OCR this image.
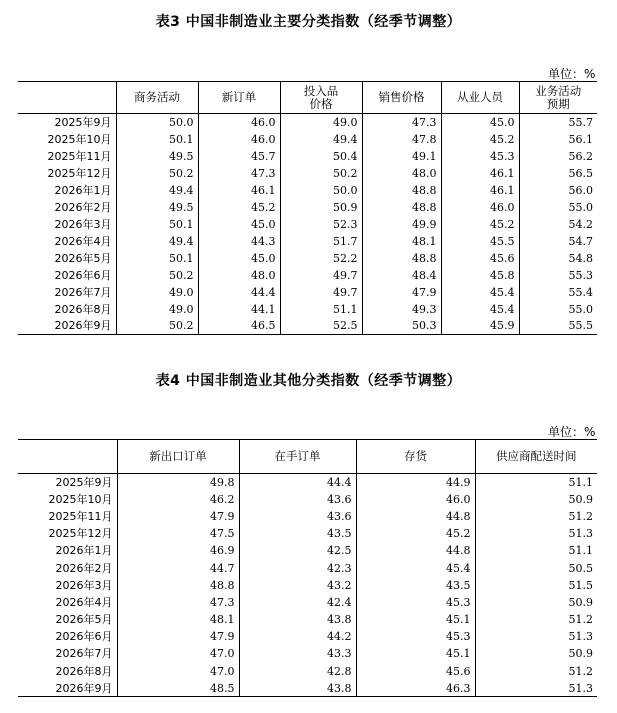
表3 中国非制造业主要分类指数（经季节调整）
单位：%
	商务活动	新订单	投入品价格	销售价格	从业人员	业务活动预期
2025年9月	50.0	46.0	49.0	47.3	45.0	55.7
2025年10月	50.1	46.0	49.4	47.8	45.2	56.1
2025年11月	49.5	45.7	50.4	49.1	45.3	56.2
2025年12月	50.2	47.3	50.2	48.0	46.1	56.5
2026年1月	49.4	46.1	50.0	48.8	46.1	56.0
2026年2月	49.5	45.2	50.9	48.8	46.0	55.0
2026年3月	50.1	45.0	52.3	49.9	45.2	54.2
2026年4月	49.4	44.3	51.7	48.1	45.5	54.7
2026年5月	50.1	45.0	52.2	48.8	45.6	54.8
2026年6月	50.2	48.0	49.7	48.4	45.8	55.3
2026年7月	49.0	44.4	49.7	47.9	45.4	55.4
2026年8月	49.0	44.1	51.1	49.3	45.4	55.0
2026年9月	50.2	46.5	52.5	50.3	45.9	55.5
表4 中国非制造业其他分类指数（经季节调整）
单位：%
	新出口订单	在手订单	存货	供应商配送时间
2025年9月	49.8	44.4	44.9	51.1
2025年10月	46.2	43.6	46.0	50.9
2025年11月	47.9	43.6	44.8	51.2
2025年12月	47.5	43.5	45.2	51.3
2026年1月	46.9	42.5	44.8	51.1
2026年2月	44.7	42.3	45.4	50.5
2026年3月	48.8	43.2	43.5	51.5
2026年4月	47.3	42.4	45.3	50.9
2026年5月	48.1	43.8	45.1	51.2
2026年6月	47.9	44.2	45.3	51.3
2026年7月	47.0	43.3	45.1	50.9
2026年8月	47.0	42.8	45.6	51.2
2026年9月	48.5	43.8	46.3	51.3
